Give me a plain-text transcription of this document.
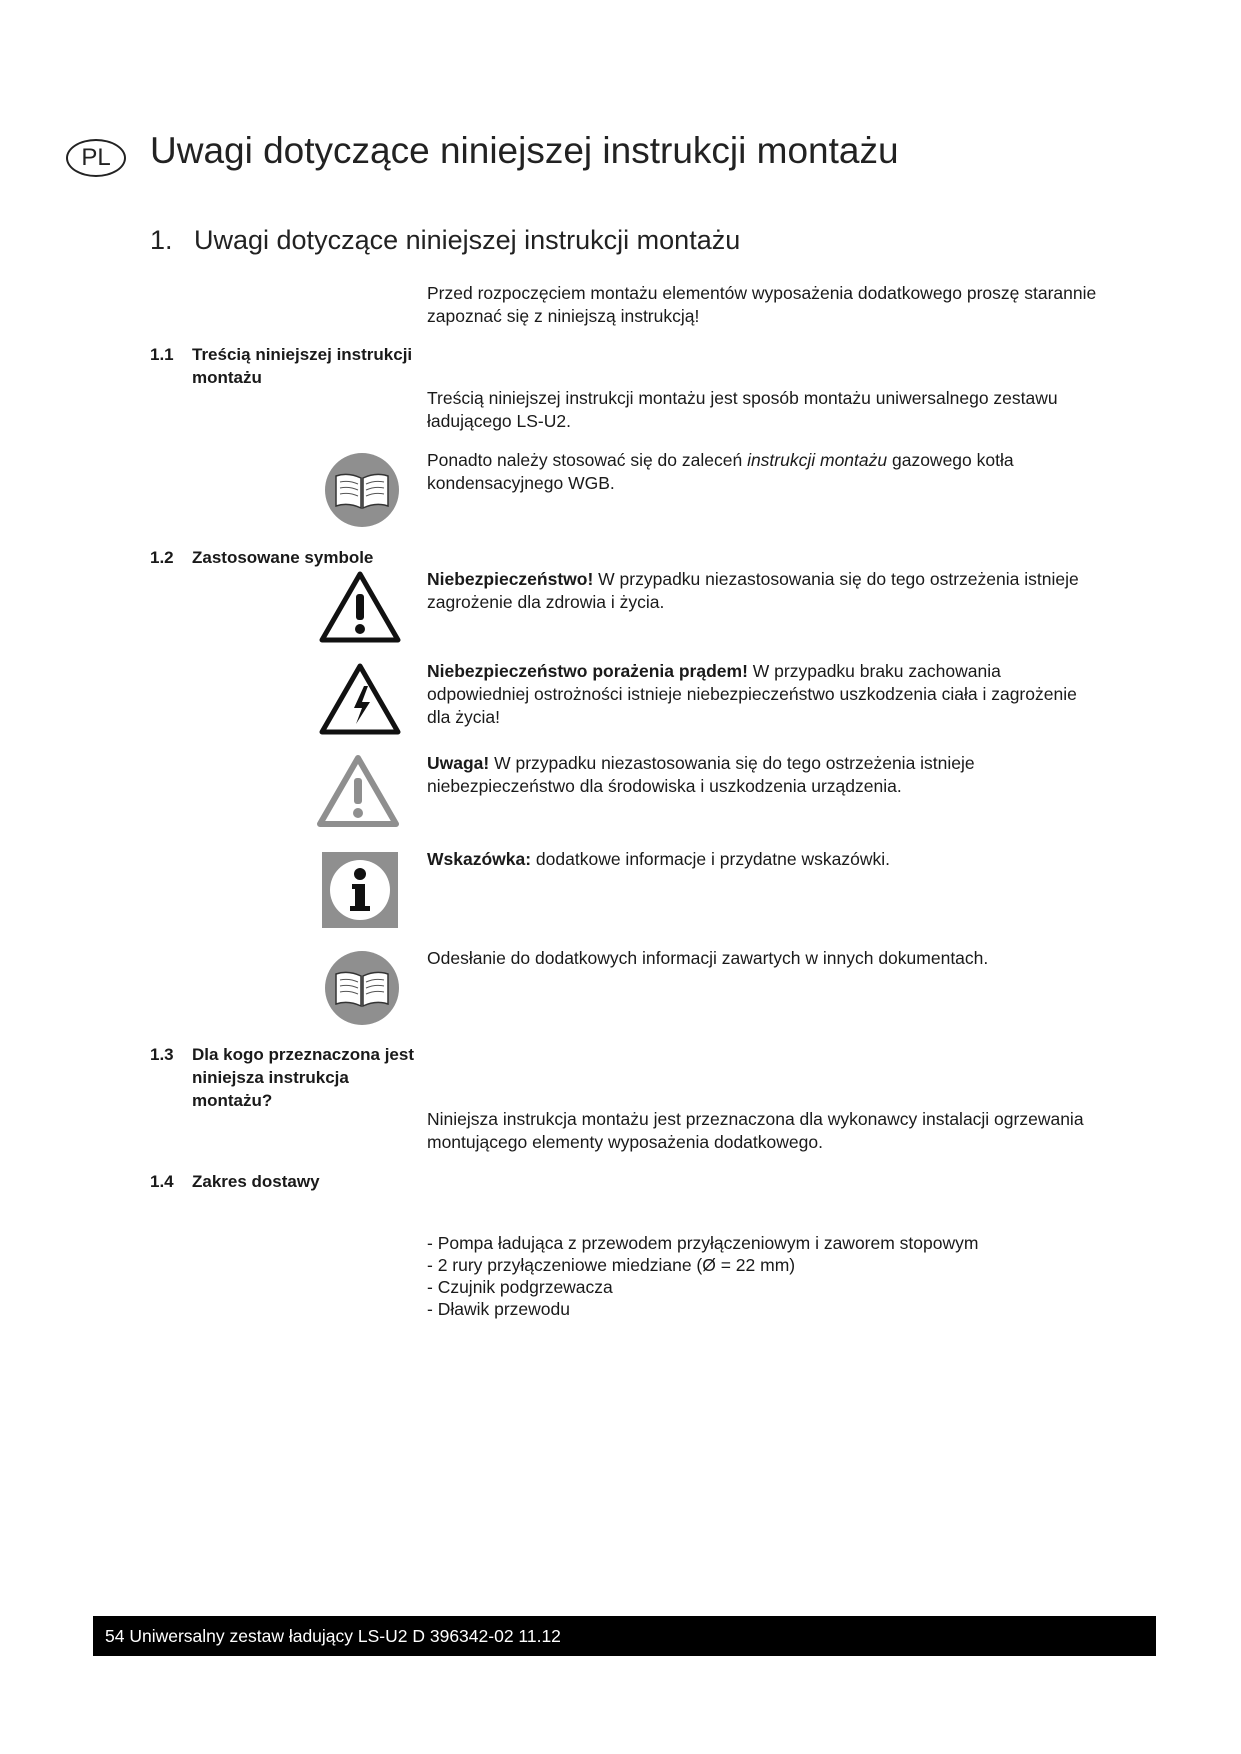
PL	Uwagi dotyczące niniejszej instrukcji montażu
1. Uwagi dotyczące niniejszej instrukcji montażu
Przed rozpoczęciem montażu elementów wyposażenia dodatkowego proszę starannie zapoznać się z niniejszą instrukcją!
1.1 Treścią niniejszej instrukcji montażu
Treścią niniejszej instrukcji montażu jest sposób montażu uniwersalnego zestawu ładującego LS-U2.
Ponadto należy stosować się do zaleceń instrukcji montażu gazowego kotła kondensacyjnego WGB.
1.2 Zastosowane symbole
Niebezpieczeństwo! W przypadku niezastosowania się do tego ostrzeżenia istnieje zagrożenie dla zdrowia i życia.
Niebezpieczeństwo porażenia prądem! W przypadku braku zachowania odpowiedniej ostrożności istnieje niebezpieczeństwo uszkodzenia ciała i zagrożenie dla życia!
Uwaga! W przypadku niezastosowania się do tego ostrzeżenia istnieje niebezpieczeństwo dla środowiska i uszkodzenia urządzenia.
Wskazówka: dodatkowe informacje i przydatne wskazówki.
Odesłanie do dodatkowych informacji zawartych w innych dokumentach.
1.3 Dla kogo przeznaczona jest niniejsza instrukcja montażu?
Niniejsza instrukcja montażu jest przeznaczona dla wykonawcy instalacji ogrzewania montującego elementy wyposażenia dodatkowego.
1.4 Zakres dostawy
- Pompa ładująca z przewodem przyłączeniowym i zaworem stopowym
- 2 rury przyłączeniowe miedziane (Ø = 22 mm)
- Czujnik podgrzewacza
- Dławik przewodu
54 Uniwersalny zestaw ładujący LS-U2 D 396342-02 11.12
